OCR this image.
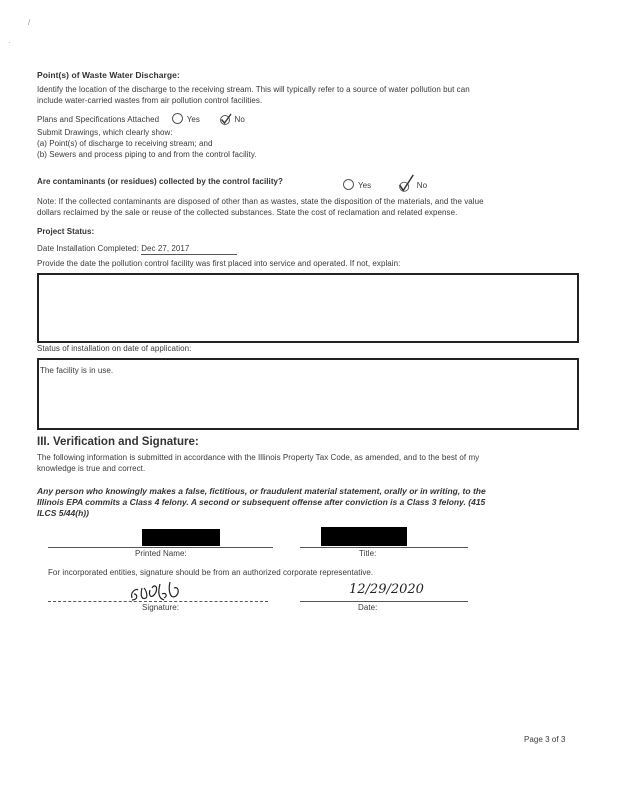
/
·
Point(s) of Waste Water Discharge:
Identify the location of the discharge to the receiving stream. This will typically refer to a source of water pollution but can
include water-carried wastes from air pollution control facilities.
Plans and Specifications Attached	Yes	No
Submit Drawings, which clearly show:
(a) Point(s) of discharge to receiving stream; and
(b) Sewers and process piping to and from the control facility.
Are contaminants (or residues) collected by the control facility?	Yes	No
Note: If the collected contaminants are disposed of other than as wastes, state the disposition of the materials, and the value
dollars reclaimed by the sale or reuse of the collected substances. State the cost of reclamation and related expense.
Project Status:
Date Installation Completed: Dec 27, 2017
Provide the date the pollution control facility was first placed into service and operated. If not, explain:
Status of installation on date of application:
The facility is in use.
III. Verification and Signature:
The following information is submitted in accordance with the Illinois Property Tax Code, as amended, and to the best of my
knowledge is true and correct.
Any person who knowingly makes a false, fictitious, or fraudulent material statement, orally or in writing, to the
Illinois EPA commits a Class 4 felony. A second or subsequent offense after conviction is a Class 3 felony. (415
ILCS 5/44(h))
Printed Name:	Title:
For incorporated entities, signature should be from an authorized corporate representative.
12/29/2020
Signature:	Date:
Page 3 of 3
